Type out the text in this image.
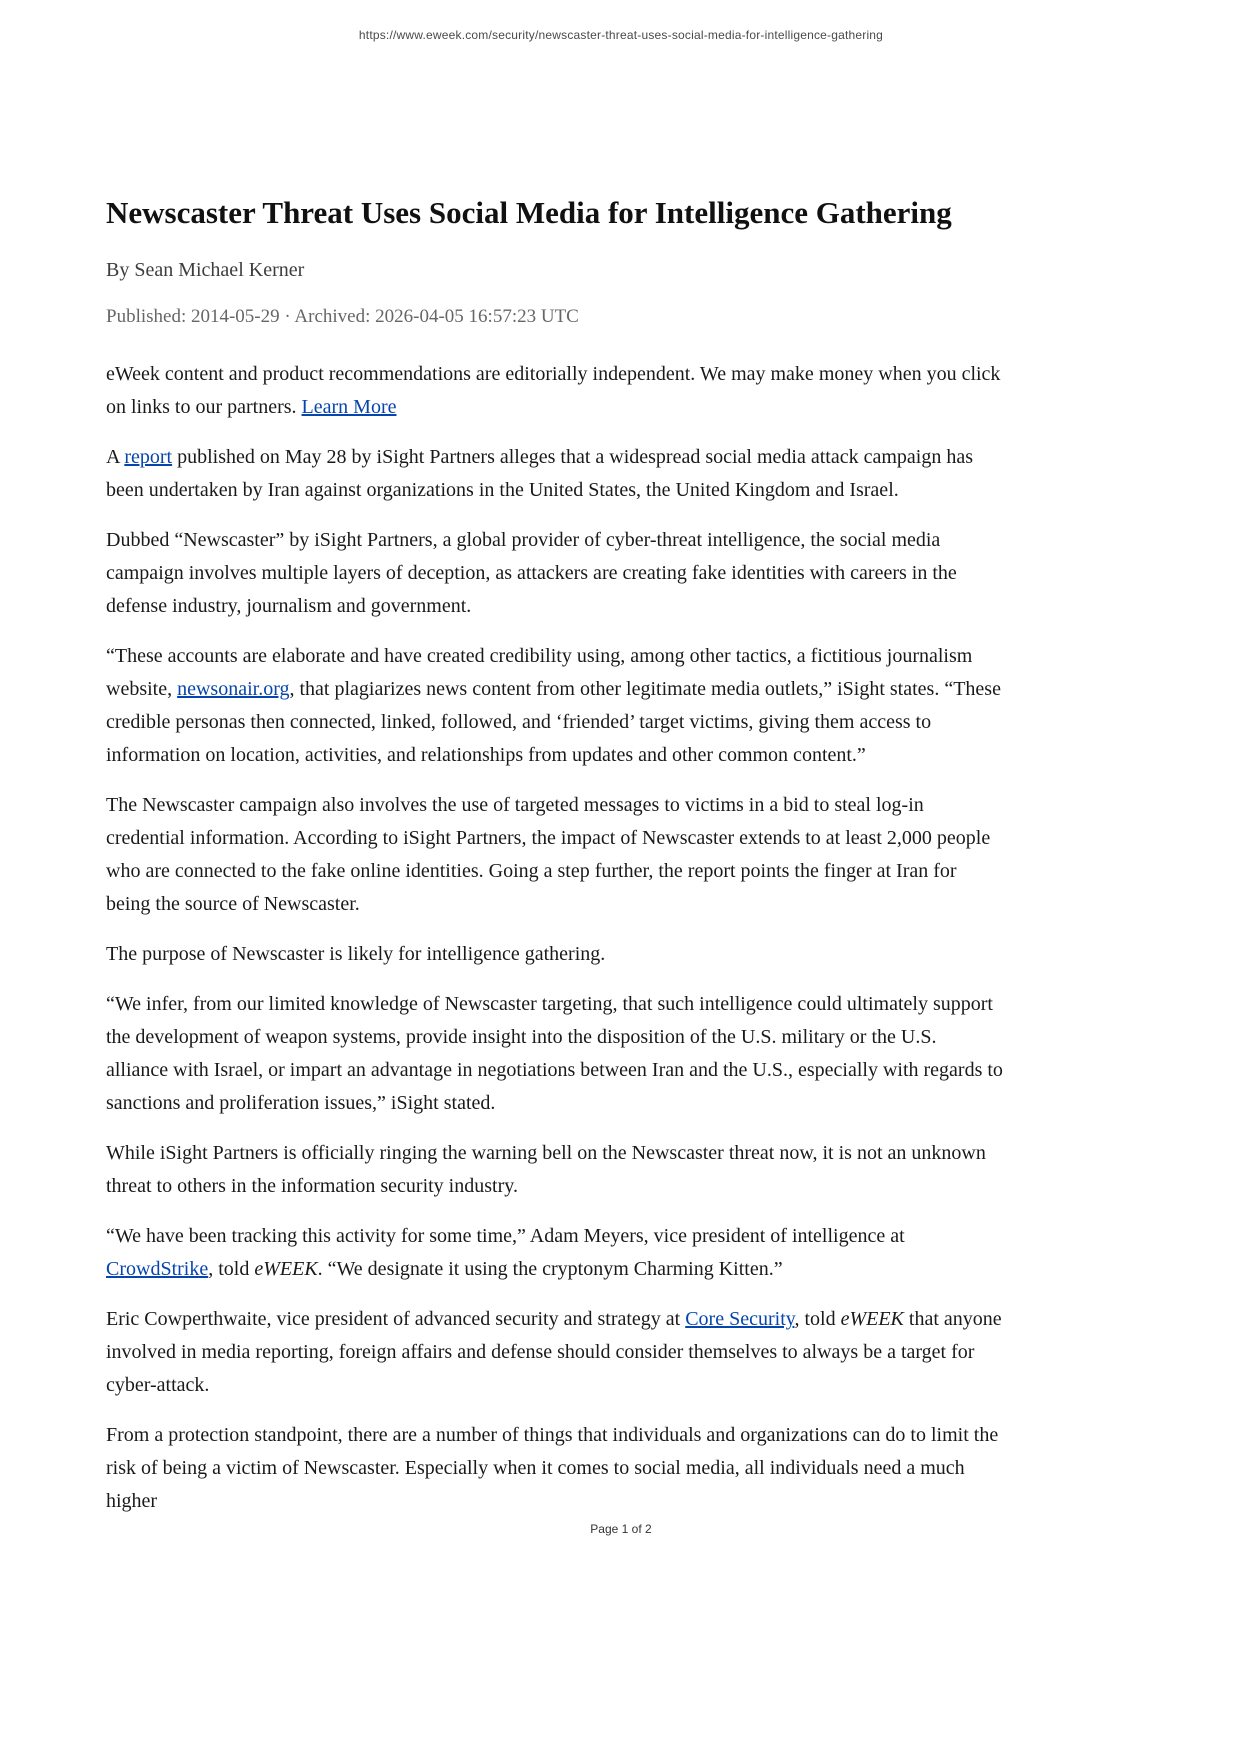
https://www.eweek.com/security/newscaster-threat-uses-social-media-for-intelligence-gathering
Newscaster Threat Uses Social Media for Intelligence Gathering
By Sean Michael Kerner
Published: 2014-05-29 · Archived: 2026-04-05 16:57:23 UTC

eWeek content and product recommendations are editorially independent. We may make money when you click on links to our partners. Learn More

A report published on May 28 by iSight Partners alleges that a widespread social media attack campaign has been undertaken by Iran against organizations in the United States, the United Kingdom and Israel.

Dubbed “Newscaster” by iSight Partners, a global provider of cyber-threat intelligence, the social media campaign involves multiple layers of deception, as attackers are creating fake identities with careers in the defense industry, journalism and government.

“These accounts are elaborate and have created credibility using, among other tactics, a fictitious journalism website, newsonair.org, that plagiarizes news content from other legitimate media outlets,” iSight states. “These credible personas then connected, linked, followed, and ‘friended’ target victims, giving them access to information on location, activities, and relationships from updates and other common content.”

The Newscaster campaign also involves the use of targeted messages to victims in a bid to steal log-in credential information. According to iSight Partners, the impact of Newscaster extends to at least 2,000 people who are connected to the fake online identities. Going a step further, the report points the finger at Iran for being the source of Newscaster.

The purpose of Newscaster is likely for intelligence gathering.

“We infer, from our limited knowledge of Newscaster targeting, that such intelligence could ultimately support the development of weapon systems, provide insight into the disposition of the U.S. military or the U.S. alliance with Israel, or impart an advantage in negotiations between Iran and the U.S., especially with regards to sanctions and proliferation issues,” iSight stated.

While iSight Partners is officially ringing the warning bell on the Newscaster threat now, it is not an unknown threat to others in the information security industry.

“We have been tracking this activity for some time,” Adam Meyers, vice president of intelligence at CrowdStrike, told eWEEK. “We designate it using the cryptonym Charming Kitten.”

Eric Cowperthwaite, vice president of advanced security and strategy at Core Security, told eWEEK that anyone involved in media reporting, foreign affairs and defense should consider themselves to always be a target for cyber-attack.

From a protection standpoint, there are a number of things that individuals and organizations can do to limit the risk of being a victim of Newscaster. Especially when it comes to social media, all individuals need a much higher

Page 1 of 2
